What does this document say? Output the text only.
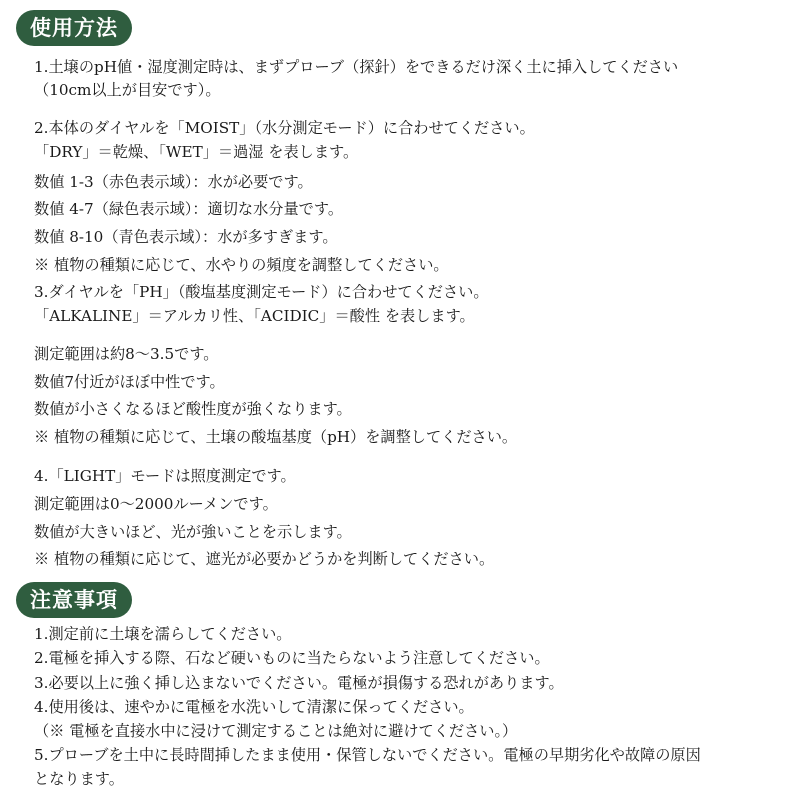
使用方法
1.土壌のpH値・湿度測定時は、まずプローブ（探針）をできるだけ深く土に挿入してください
（10cm以上が目安です）。
2.本体のダイヤルを「MOIST」（水分測定モード）に合わせてください。
「DRY」＝乾燥、「WET」＝過湿 を表します。
数値 1-3（赤色表示域）：水が必要です。
数値 4-7（緑色表示域）：適切な水分量です。
数値 8-10（青色表示域）：水が多すぎます。
※ 植物の種類に応じて、水やりの頻度を調整してください。
3.ダイヤルを「PH」（酸塩基度測定モード）に合わせてください。
「ALKALINE」＝アルカリ性、「ACIDIC」＝酸性 を表します。
測定範囲は約8～3.5です。
数値7付近がほぼ中性です。
数値が小さくなるほど酸性度が強くなります。
※ 植物の種類に応じて、土壌の酸塩基度（pH）を調整してください。
4.「LIGHT」モードは照度測定です。
測定範囲は0～2000ルーメンです。
数値が大きいほど、光が強いことを示します。
※ 植物の種類に応じて、遮光が必要かどうかを判断してください。
注意事項
1.測定前に土壌を濡らしてください。
2.電極を挿入する際、石など硬いものに当たらないよう注意してください。
3.必要以上に強く挿し込まないでください。電極が損傷する恐れがあります。
4.使用後は、速やかに電極を水洗いして清潔に保ってください。
（※ 電極を直接水中に浸けて測定することは絶対に避けてください。）
5.プローブを土中に長時間挿したまま使用・保管しないでください。電極の早期劣化や故障の原因
となります。
